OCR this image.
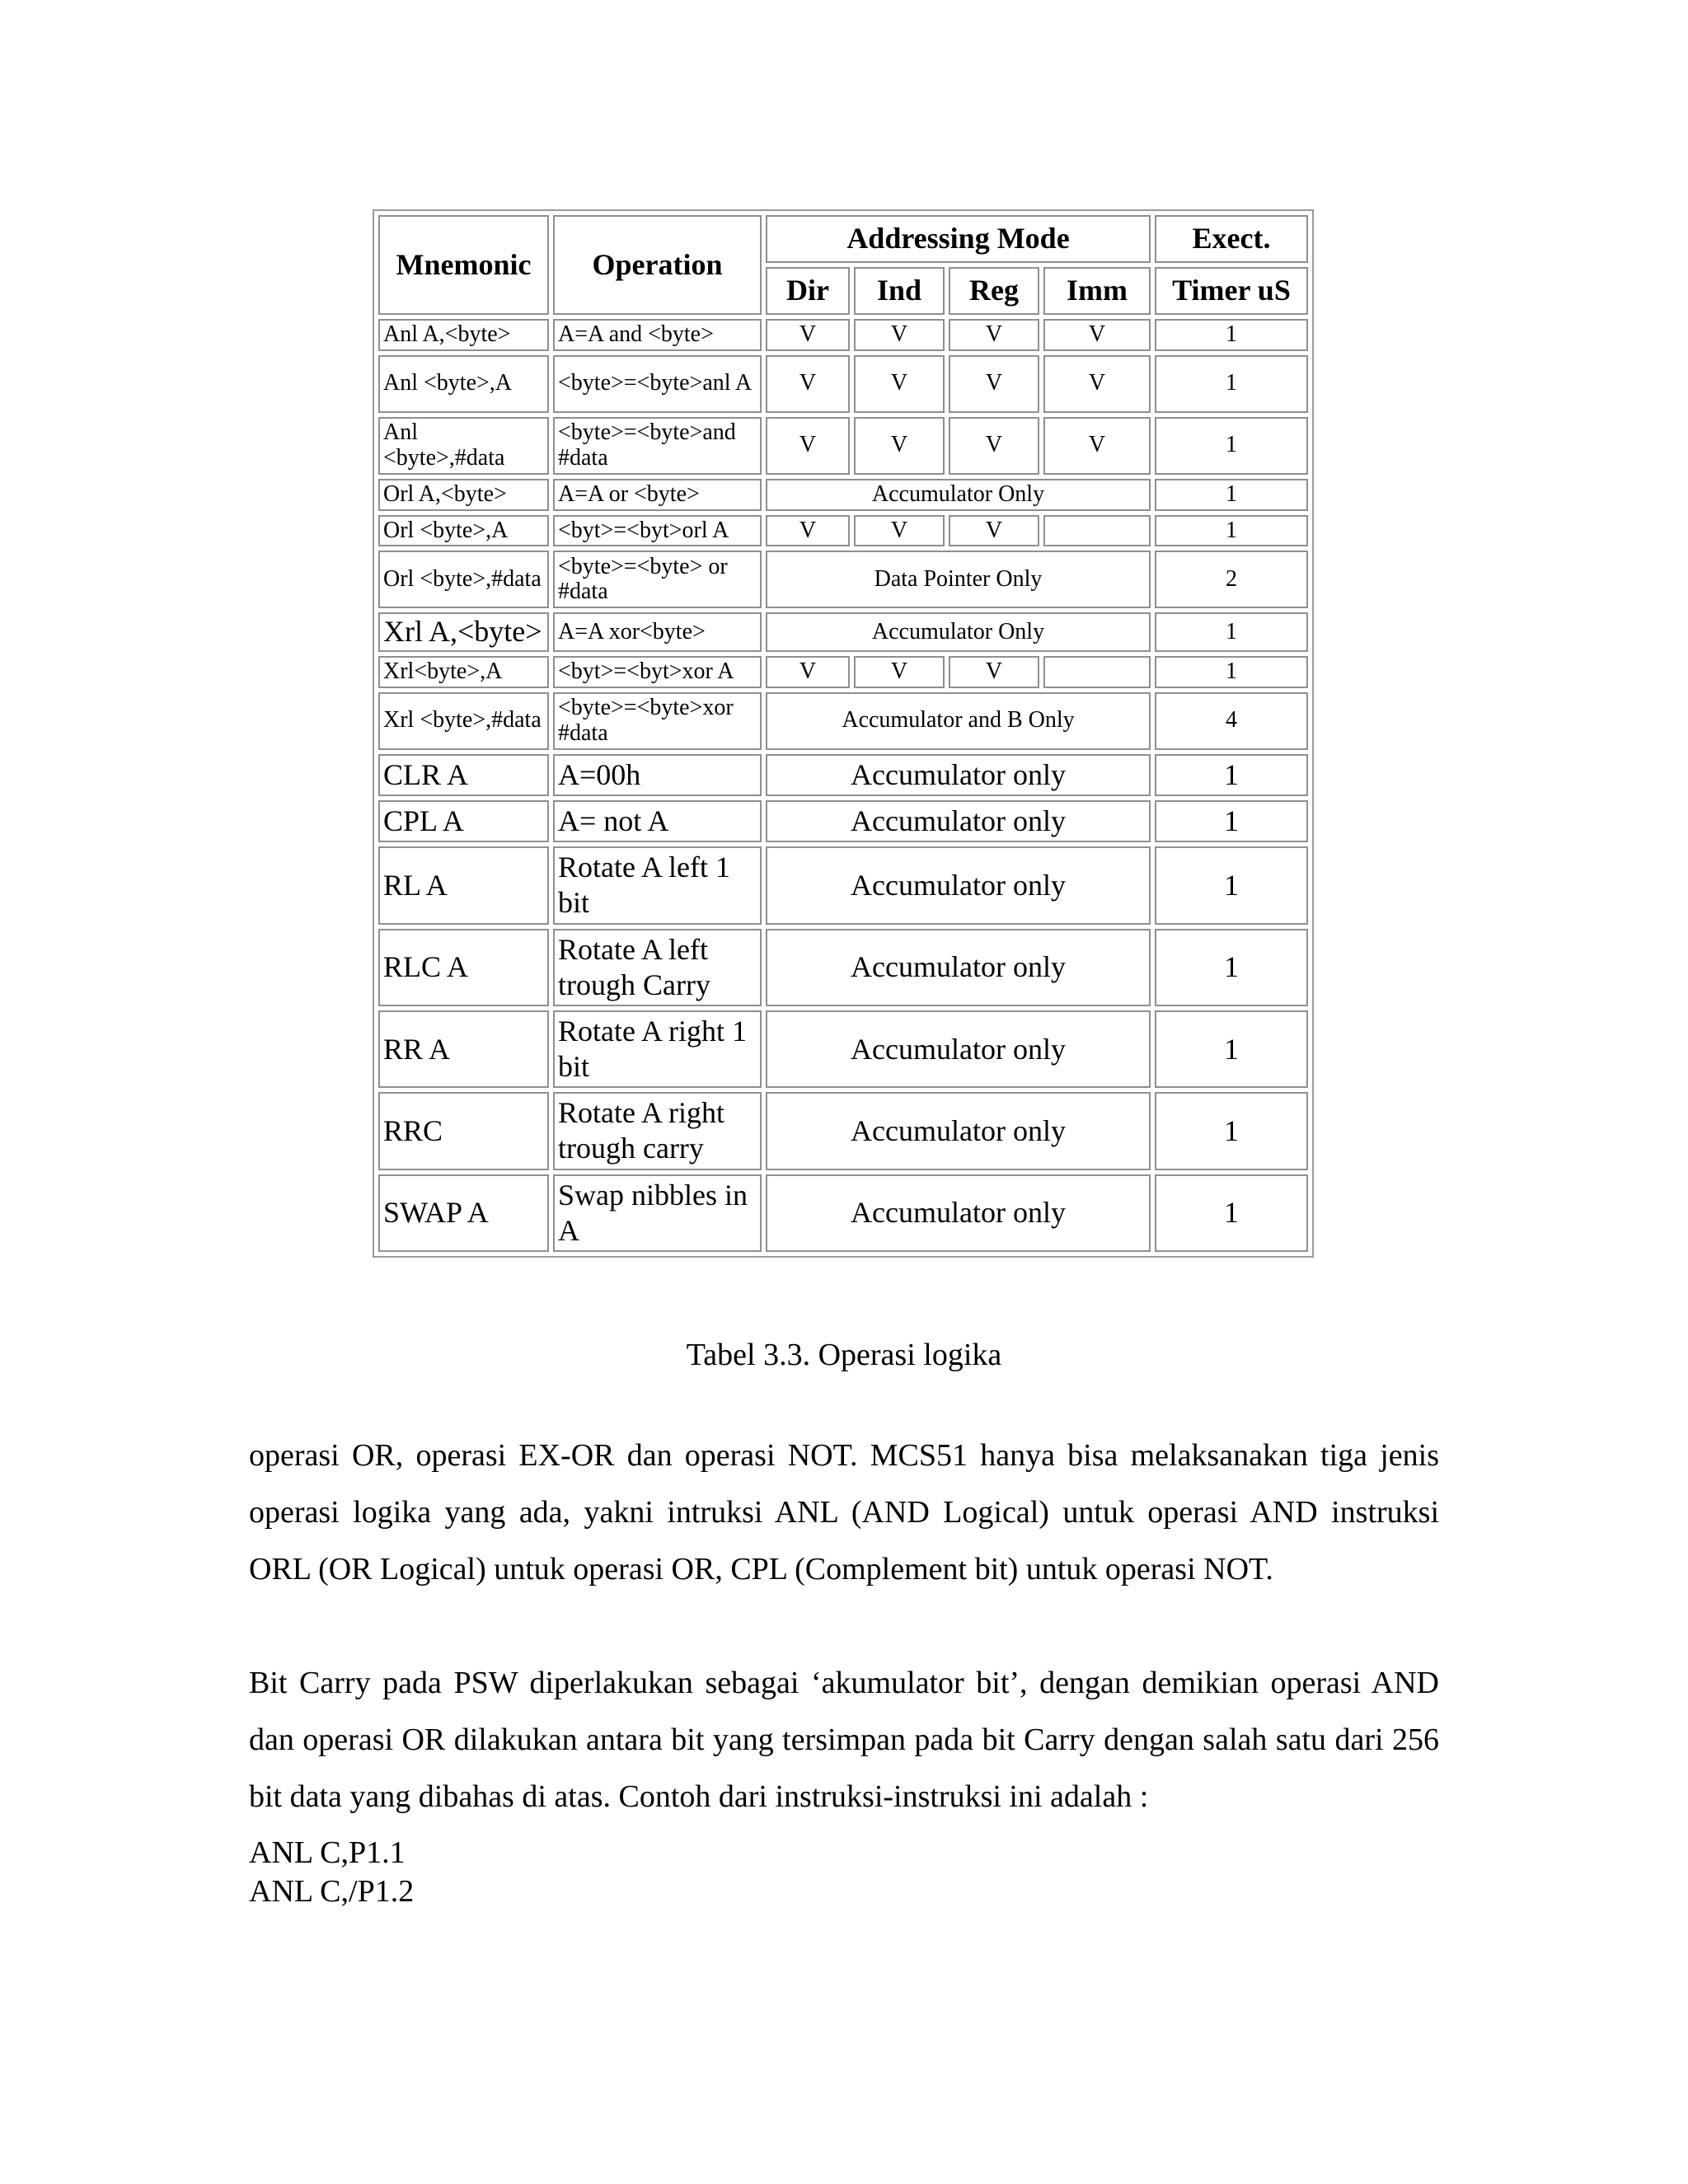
Mnemonic	Operation	Addressing Mode				Exect.
		Dir	Ind	Reg	Imm	Timer uS
Anl A,<byte>	A=A and <byte>	V	V	V	V	1
Anl <byte>,A	<byte>=<byte>anl A	V	V	V	V	1
Anl <byte>,#data	<byte>=<byte>and #data	V	V	V	V	1
Orl A,<byte>	A=A or <byte>	Accumulator Only				1
Orl <byte>,A	<byt>=<byt>orl A	V	V	V		1
Orl <byte>,#data	<byte>=<byte> or #data	Data Pointer Only				2
Xrl A,<byte>	A=A xor<byte>	Accumulator Only				1
Xrl<byte>,A	<byt>=<byt>xor A	V	V	V		1
Xrl <byte>,#data	<byte>=<byte>xor #data	Accumulator and B Only				4
CLR A	A=00h	Accumulator only				1
CPL A	A= not A	Accumulator only				1
RL A	Rotate A left 1 bit	Accumulator only				1
RLC A	Rotate A left trough Carry	Accumulator only				1
RR A	Rotate A right 1 bit	Accumulator only				1
RRC	Rotate A right trough carry	Accumulator only				1
SWAP A	Swap nibbles in A	Accumulator only				1
Tabel 3.3. Operasi logika

operasi OR, operasi EX-OR dan operasi NOT. MCS51 hanya bisa melaksanakan tiga jenis operasi logika yang ada, yakni intruksi ANL (AND Logical) untuk operasi AND instruksi ORL (OR Logical) untuk operasi OR, CPL (Complement bit) untuk operasi NOT.

Bit Carry pada PSW diperlakukan sebagai ‘akumulator bit’, dengan demikian operasi AND dan operasi OR dilakukan antara bit yang tersimpan pada bit Carry dengan salah satu dari 256 bit data yang dibahas di atas. Contoh dari instruksi-instruksi ini adalah :

ANL C,P1.1

ANL C,/P1.2
